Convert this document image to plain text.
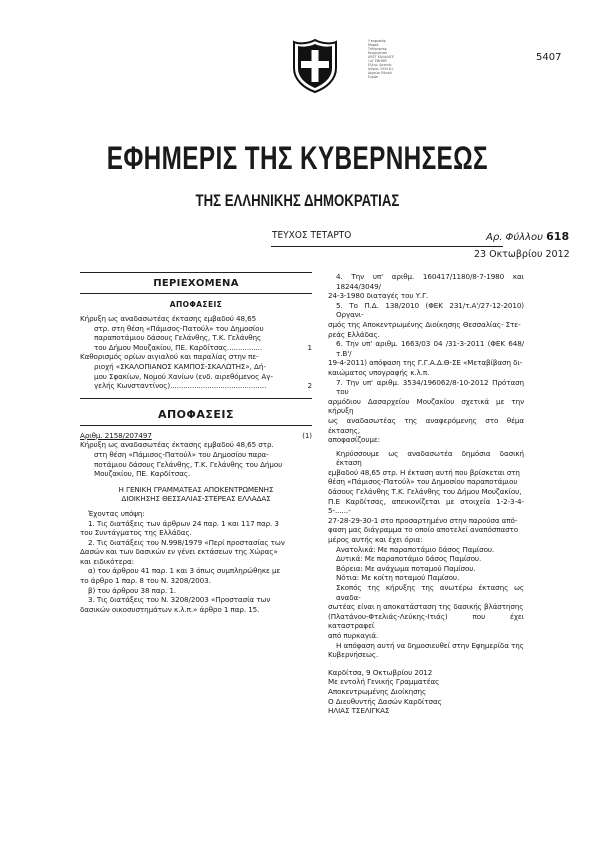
Υ ψηφιακέφ
Μυφρά
Τεθηκεφτεφ
θεωρημέναε
ΑΡΙΣΤ ΚΑΛΑΛΑΓΕ
Ι ΔΓ ΣΜΗΝΜ
Ελλην. Αρτικός
Ιοΰνιος 1934 Β.Ι.
Αρχείου Εθνικό
Ευρώπ
5407
ΕΦΗΜΕΡΙΣ ΤΗΣ ΚΥΒΕΡΝΗΣΕΩΣ
ΤΗΣ ΕΛΛΗΝΙΚΗΣ ΔΗΜΟΚΡΑΤΙΑΣ
ΤΕΥΧΟΣ ΤΕΤΑΡΤΟ	Αρ. Φύλλου 618
23 Οκτωβρίου 2012
ΠΕΡΙΕΧΟΜΕΝΑ
ΑΠΟΦΑΣΕΙΣ
Κήρυξη ως αναδασωτέας έκτασης εμβαδού 48,65
στρ. στη θέση «Πάμισος-Πατούλ» του Δημοσίου
παραποτάμιου δάσους Γελάνθης, Τ.Κ. Γελάνθης
του Δήμου Μουζακίου, ΠΕ. Καρδίτσας................	1
Καθορισμός ορίων αιγιαλού και παραλίας στην πε-
ριοχή «ΣΚΑΛΟΠΙΑΝΟΣ ΚΑΜΠΟΣ-ΣΚΑΛΩΤΗΣ», Δή-
μου Σφακίων, Νομού Χανίων (ενδ. αιρεθόμενος Αγ-
γελής Κωνσταντίνος)............................................	2
ΑΠΟΦΑΣΕΙΣ
Αριθμ. 2158/207497	(1)
Κήρυξη ως αναδασωτέας έκτασης εμβαδού 48,65 στρ.
στη θέση «Πάμισος-Πατούλ» του Δημοσίου παρα-
ποτάμιου δάσους Γελάνθης, Τ.Κ. Γελάνθης του Δήμου
Μουζακίου, ΠΕ. Καρδίτσας.
Η ΓΕΝΙΚΗ ΓΡΑΜΜΑΤΕΑΣ ΑΠΟΚΕΝΤΡΩΜΕΝΗΣ
ΔΙΟΙΚΗΣΗΣ ΘΕΣΣΑΛΙΑΣ-ΣΤΕΡΕΑΣ ΕΛΛΑΔΑΣ
Έχοντας υπόψη:
1. Τις διατάξεις των άρθρων 24 παρ. 1 και 117 παρ. 3
του Συντάγματος της Ελλάδας.
2. Τις διατάξεις του Ν.998/1979 «Περί προστασίας των
Δασών και των δασικών εν γένει εκτάσεων της Χώρας»
και ειδικότερα:
α) του άρθρου 41 παρ. 1 και 3 όπως συμπληρώθηκε με
το άρθρο 1 παρ. 8 του Ν. 3208/2003.
β) του άρθρου 38 παρ. 1.
3. Τις διατάξεις του Ν. 3208/2003 «Προστασία των
δασικών οικοσυστημάτων κ.λ.π.» άρθρο 1 παρ. 15.
4. Την υπ' αριθμ. 160417/1180/8-7-1980 και 18244/3049/
24-3-1980 διαταγές του Υ.Γ.
5. Το Π.Δ. 138/2010 (ΦΕΚ 231/τ.Α'/27-12-2010) Οργανι-
σμός της Αποκεντρωμένης Διοίκησης Θεσσαλίας- Στε-
ρεάς Ελλάδας.
6. Την υπ' αριθμ. 1663/03 04 /31-3-2011 (ΦΕΚ 648/τ.Β'/
19-4-2011) απόφαση της Γ.Γ.Α.Δ.Θ-ΣΕ «Μεταβίβαση δι-
καιώματος υπογραφής κ.λ.π.
7. Την υπ' αριθμ. 3534/196062/8-10-2012 Πρόταση του
αρμόδιου Δασαρχείου Μουζακίου σχετικά με την κήρυξη
ως αναδασωτέας της αναφερόμενης στο θέμα έκτασης,
αποφασίζουμε:
Κηρύσσουμε ως αναδασωτέα δημόσια δασική έκταση
εμβαδού 48,65 στρ. Η έκταση αυτή που βρίσκεται στη
θέση «Πάμισος-Πατούλ» του Δημοσίου παραποτάμιου
δάσους Γελάνθης Τ.Κ. Γελάνθης του Δήμου Μουζακίου,
Π.Ε Καρδίτσας, απεικονίζεται με στοιχεία 1-2-3-4-5-......-
27-28-29-30-1 στο προσαρτημένο στην παρούσα από-
φαση μας διάγραμμα το οποίο αποτελεί αναπόσπαστο
μέρος αυτής και έχει όρια:
Ανατολικά: Με παραποτάμιο δάσος Παμίσου.
Δυτικά: Με παραποτάμιο δάσος Παμίσου.
Βόρεια: Με ανάχωμα ποταμού Παμίσου.
Νότια: Με κοίτη ποταμού Παμίσου.
Σκοπός της κήρυξης της ανωτέρω έκτασης ως αναδα-
σωτέας είναι η αποκατάσταση της δασικής βλάστησης
(Πλατάνου-Φτελιάς-Λεύκης-Ιτιάς) που έχει καταστραφεί
από πυρκαγιά.
Η απόφαση αυτή να δημοσιευθεί στην Εφημερίδα της
Κυβερνήσεως.
Καρδίτσα, 9 Οκτωβρίου 2012
Με εντολή Γενικής Γραμματέας
Αποκεντρωμένης Διοίκησης
Ο Διευθυντής Δασών Καρδίτσας
ΗΛΙΑΣ ΤΣΕΛΙΓΚΑΣ
